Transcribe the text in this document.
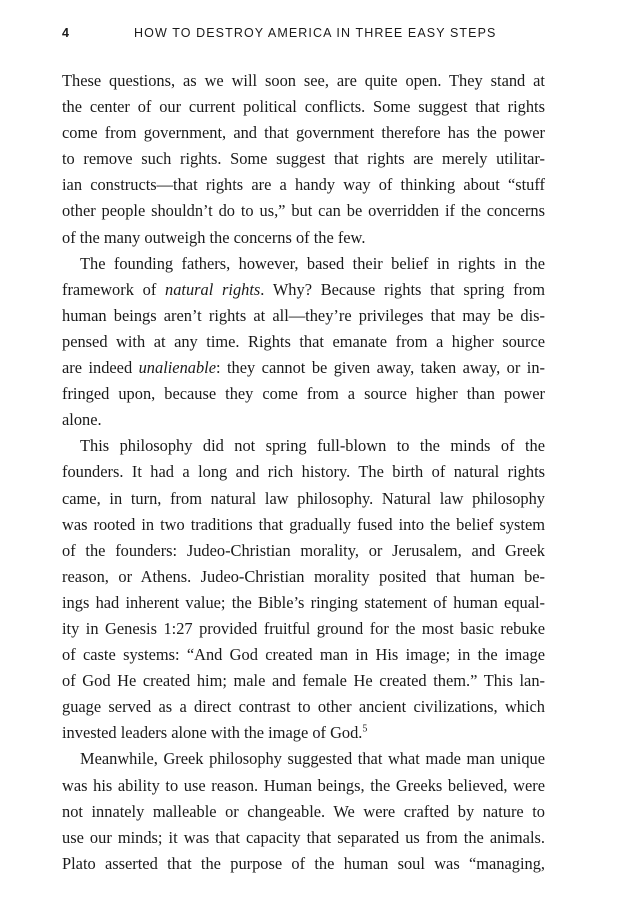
4	HOW TO DESTROY AMERICA IN THREE EASY STEPS
These questions, as we will soon see, are quite open. They stand at
the center of our current political conflicts. Some suggest that rights
come from government, and that government therefore has the power
to remove such rights. Some suggest that rights are merely utilitar-
ian constructs—that rights are a handy way of thinking about “stuff
other people shouldn’t do to us,” but can be overridden if the concerns
of the many outweigh the concerns of the few.
The founding fathers, however, based their belief in rights in the
framework of natural rights. Why? Because rights that spring from
human beings aren’t rights at all—they’re privileges that may be dis-
pensed with at any time. Rights that emanate from a higher source
are indeed unalienable: they cannot be given away, taken away, or in-
fringed upon, because they come from a source higher than power
alone.
This philosophy did not spring full-blown to the minds of the
founders. It had a long and rich history. The birth of natural rights
came, in turn, from natural law philosophy. Natural law philosophy
was rooted in two traditions that gradually fused into the belief system
of the founders: Judeo-Christian morality, or Jerusalem, and Greek
reason, or Athens. Judeo-Christian morality posited that human be-
ings had inherent value; the Bible’s ringing statement of human equal-
ity in Genesis 1:27 provided fruitful ground for the most basic rebuke
of caste systems: “And God created man in His image; in the image
of God He created him; male and female He created them.” This lan-
guage served as a direct contrast to other ancient civilizations, which
invested leaders alone with the image of God.$^5$
Meanwhile, Greek philosophy suggested that what made man unique
was his ability to use reason. Human beings, the Greeks believed, were
not innately malleable or changeable. We were crafted by nature to
use our minds; it was that capacity that separated us from the animals.
Plato asserted that the purpose of the human soul was “managing,
